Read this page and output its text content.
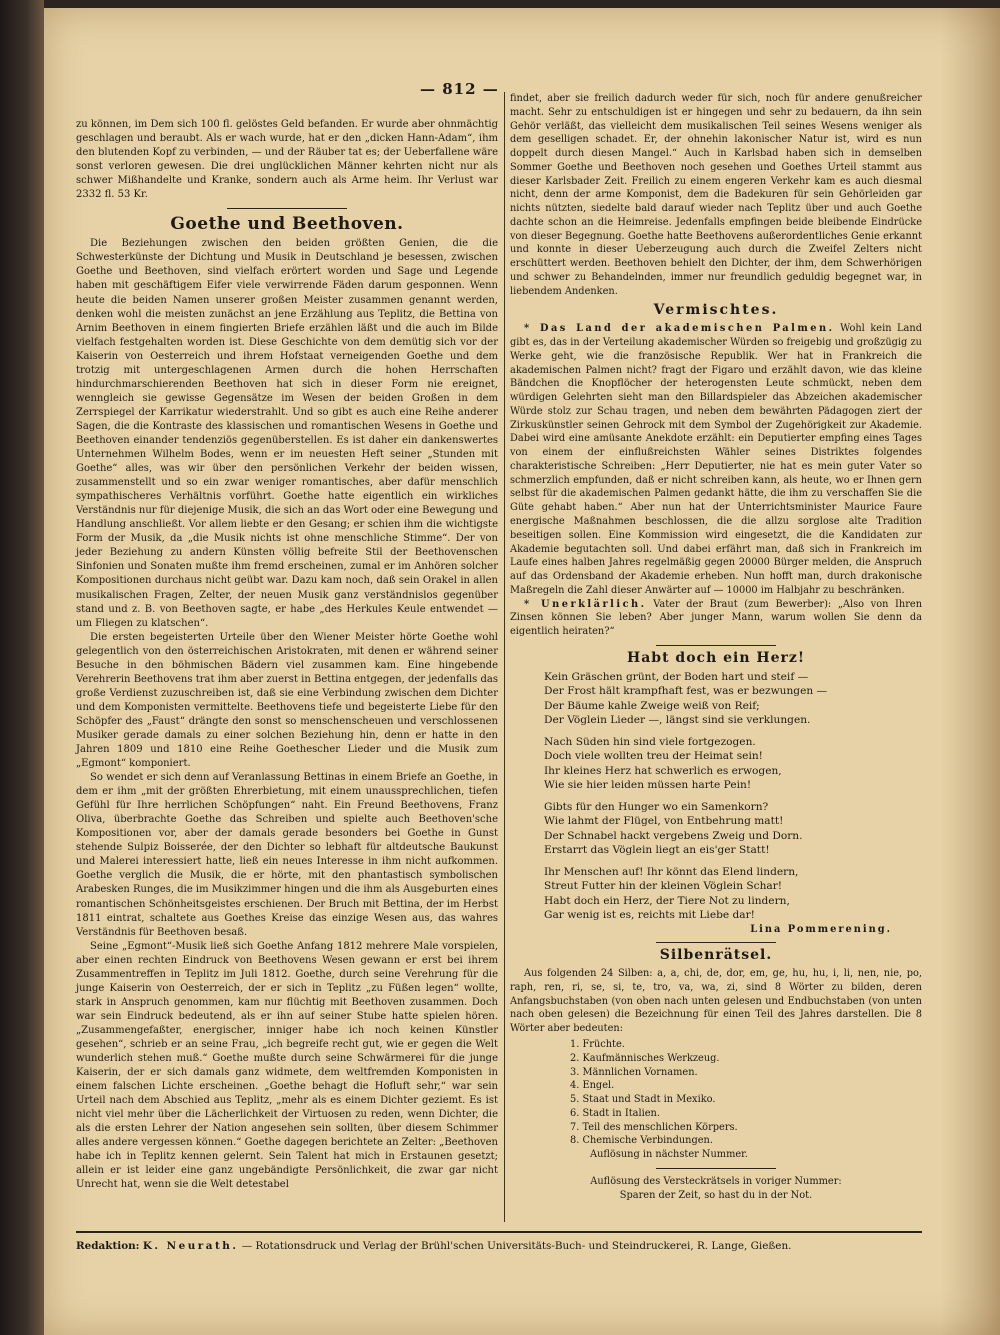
— 812 —

zu können, im Dem sich 100 fl. gelöstes Geld befanden. Er wurde aber ohnmächtig geschlagen und beraubt. Als er wach wurde, hat er den „dicken Hann-Adam“, ihm den blutenden Kopf zu verbinden, — und der Räuber tat es; der Ueberfallene wäre sonst verloren gewesen. Die drei unglücklichen Männer kehrten nicht nur als schwer Mißhandelte und Kranke, sondern auch als Arme heim. Ihr Verlust war 2332 fl. 53 Kr.

Goethe und Beethoven.

Die Beziehungen zwischen den beiden größten Genien, die die Schwesterkünste der Dichtung und Musik in Deutschland je besessen, zwischen Goethe und Beethoven, sind vielfach erörtert worden und Sage und Legende haben mit geschäftigem Eifer viele verwirrende Fäden darum gesponnen. Wenn heute die beiden Namen unserer großen Meister zusammen genannt werden, denken wohl die meisten zunächst an jene Erzählung aus Teplitz, die Bettina von Arnim Beethoven in einem fingierten Briefe erzählen läßt und die auch im Bilde vielfach festgehalten worden ist. Diese Geschichte von dem demütig sich vor der Kaiserin von Oesterreich und ihrem Hofstaat verneigenden Goethe und dem trotzig mit untergeschlagenen Armen durch die hohen Herrschaften hindurchmarschierenden Beethoven hat sich in dieser Form nie ereignet, wenngleich sie gewisse Gegensätze im Wesen der beiden Großen in dem Zerrspiegel der Karrikatur wiederstrahlt. Und so gibt es auch eine Reihe anderer Sagen, die die Kontraste des klassischen und romantischen Wesens in Goethe und Beethoven einander tendenziös gegenüberstellen. Es ist daher ein dankenswertes Unternehmen Wilhelm Bodes, wenn er im neuesten Heft seiner „Stunden mit Goethe“ alles, was wir über den persönlichen Verkehr der beiden wissen, zusammenstellt und so ein zwar weniger romantisches, aber dafür menschlich sympathischeres Verhältnis vorführt. Goethe hatte eigentlich ein wirkliches Verständnis nur für diejenige Musik, die sich an das Wort oder eine Bewegung und Handlung anschließt. Vor allem liebte er den Gesang; er schien ihm die wichtigste Form der Musik, da „die Musik nichts ist ohne menschliche Stimme“. Der von jeder Beziehung zu andern Künsten völlig befreite Stil der Beethovenschen Sinfonien und Sonaten mußte ihm fremd erscheinen, zumal er im Anhören solcher Kompositionen durchaus nicht geübt war. Dazu kam noch, daß sein Orakel in allen musikalischen Fragen, Zelter, der neuen Musik ganz verständnislos gegenüber stand und z. B. von Beethoven sagte, er habe „des Herkules Keule entwendet — um Fliegen zu klatschen“.

Die ersten begeisterten Urteile über den Wiener Meister hörte Goethe wohl gelegentlich von den österreichischen Aristokraten, mit denen er während seiner Besuche in den böhmischen Bädern viel zusammen kam. Eine hingebende Verehrerin Beethovens trat ihm aber zuerst in Bettina entgegen, der jedenfalls das große Verdienst zuzuschreiben ist, daß sie eine Verbindung zwischen dem Dichter und dem Komponisten vermittelte. Beethovens tiefe und begeisterte Liebe für den Schöpfer des „Faust“ drängte den sonst so menschenscheuen und verschlossenen Musiker gerade damals zu einer solchen Beziehung hin, denn er hatte in den Jahren 1809 und 1810 eine Reihe Goethescher Lieder und die Musik zum „Egmont“ komponiert.

So wendet er sich denn auf Veranlassung Bettinas in einem Briefe an Goethe, in dem er ihm „mit der größten Ehrerbietung, mit einem unaussprechlichen, tiefen Gefühl für Ihre herrlichen Schöpfungen“ naht. Ein Freund Beethovens, Franz Oliva, überbrachte Goethe das Schreiben und spielte auch Beethoven'sche Kompositionen vor, aber der damals gerade besonders bei Goethe in Gunst stehende Sulpiz Boisserée, der den Dichter so lebhaft für altdeutsche Baukunst und Malerei interessiert hatte, ließ ein neues Interesse in ihm nicht aufkommen. Goethe verglich die Musik, die er hörte, mit den phantastisch symbolischen Arabesken Runges, die im Musikzimmer hingen und die ihm als Ausgeburten eines romantischen Schönheitsgeistes erschienen. Der Bruch mit Bettina, der im Herbst 1811 eintrat, schaltete aus Goethes Kreise das einzige Wesen aus, das wahres Verständnis für Beethoven besaß.

Seine „Egmont“-Musik ließ sich Goethe Anfang 1812 mehrere Male vorspielen, aber einen rechten Eindruck von Beethovens Wesen gewann er erst bei ihrem Zusammentreffen in Teplitz im Juli 1812. Goethe, durch seine Verehrung für die junge Kaiserin von Oesterreich, der er sich in Teplitz „zu Füßen legen“ wollte, stark in Anspruch genommen, kam nur flüchtig mit Beethoven zusammen. Doch war sein Eindruck bedeutend, als er ihn auf seiner Stube hatte spielen hören. „Zusammengefaßter, energischer, inniger habe ich noch keinen Künstler gesehen“, schrieb er an seine Frau, „ich begreife recht gut, wie er gegen die Welt wunderlich stehen muß.“ Goethe mußte durch seine Schwärmerei für die junge Kaiserin, der er sich damals ganz widmete, dem weltfremden Komponisten in einem falschen Lichte erscheinen. „Goethe behagt die Hofluft sehr,“ war sein Urteil nach dem Abschied aus Teplitz, „mehr als es einem Dichter geziemt. Es ist nicht viel mehr über die Lächerlichkeit der Virtuosen zu reden, wenn Dichter, die als die ersten Lehrer der Nation angesehen sein sollten, über diesem Schimmer alles andere vergessen können.“ Goethe dagegen berichtete an Zelter: „Beethoven habe ich in Teplitz kennen gelernt. Sein Talent hat mich in Erstaunen gesetzt; allein er ist leider eine ganz ungebändigte Persönlichkeit, die zwar gar nicht Unrecht hat, wenn sie die Welt detestabel

findet, aber sie freilich dadurch weder für sich, noch für andere genußreicher macht. Sehr zu entschuldigen ist er hingegen und sehr zu bedauern, da ihn sein Gehör verläßt, das vielleicht dem musikalischen Teil seines Wesens weniger als dem geselligen schadet. Er, der ohnehin lakonischer Natur ist, wird es nun doppelt durch diesen Mangel.“ Auch in Karlsbad haben sich in demselben Sommer Goethe und Beethoven noch gesehen und Goethes Urteil stammt aus dieser Karlsbader Zeit. Freilich zu einem engeren Verkehr kam es auch diesmal nicht, denn der arme Komponist, dem die Badekuren für sein Gehörleiden gar nichts nützten, siedelte bald darauf wieder nach Teplitz über und auch Goethe dachte schon an die Heimreise. Jedenfalls empfingen beide bleibende Eindrücke von dieser Begegnung. Goethe hatte Beethovens außerordentliches Genie erkannt und konnte in dieser Ueberzeugung auch durch die Zweifel Zelters nicht erschüttert werden. Beethoven behielt den Dichter, der ihm, dem Schwerhörigen und schwer zu Behandelnden, immer nur freundlich geduldig begegnet war, in liebendem Andenken.

Vermischtes.

* Das Land der akademischen Palmen. Wohl kein Land gibt es, das in der Verteilung akademischer Würden so freigebig und großzügig zu Werke geht, wie die französische Republik. Wer hat in Frankreich die akademischen Palmen nicht? fragt der Figaro und erzählt davon, wie das kleine Bändchen die Knopflöcher der heterogensten Leute schmückt, neben dem würdigen Gelehrten sieht man den Billardspieler das Abzeichen akademischer Würde stolz zur Schau tragen, und neben dem bewährten Pädagogen ziert der Zirkuskünstler seinen Gehrock mit dem Symbol der Zugehörigkeit zur Akademie. Dabei wird eine amüsante Anekdote erzählt: ein Deputierter empfing eines Tages von einem der einflußreichsten Wähler seines Distriktes folgendes charakteristische Schreiben: „Herr Deputierter, nie hat es mein guter Vater so schmerzlich empfunden, daß er nicht schreiben kann, als heute, wo er Ihnen gern selbst für die akademischen Palmen gedankt hätte, die ihm zu verschaffen Sie die Güte gehabt haben.“ Aber nun hat der Unterrichtsminister Maurice Faure energische Maßnahmen beschlossen, die die allzu sorglose alte Tradition beseitigen sollen. Eine Kommission wird eingesetzt, die die Kandidaten zur Akademie begutachten soll. Und dabei erfährt man, daß sich in Frankreich im Laufe eines halben Jahres regelmäßig gegen 20000 Bürger melden, die Anspruch auf das Ordensband der Akademie erheben. Nun hofft man, durch drakonische Maßregeln die Zahl dieser Anwärter auf — 10000 im Halbjahr zu beschränken.

* Unerklärlich. Vater der Braut (zum Bewerber): „Also von Ihren Zinsen können Sie leben? Aber junger Mann, warum wollen Sie denn da eigentlich heiraten?“

Habt doch ein Herz!
Kein Gräschen grünt, der Boden hart und steif —
Der Frost hält krampfhaft fest, was er bezwungen —
Der Bäume kahle Zweige weiß von Reif;
Der Vöglein Lieder —, längst sind sie verklungen.
Nach Süden hin sind viele fortgezogen.
Doch viele wollten treu der Heimat sein!
Ihr kleines Herz hat schwerlich es erwogen,
Wie sie hier leiden müssen harte Pein!
Gibts für den Hunger wo ein Samenkorn?
Wie lahmt der Flügel, von Entbehrung matt!
Der Schnabel hackt vergebens Zweig und Dorn.
Erstarrt das Vöglein liegt an eis'ger Statt!
Ihr Menschen auf! Ihr könnt das Elend lindern,
Streut Futter hin der kleinen Vöglein Schar!
Habt doch ein Herz, der Tiere Not zu lindern,
Gar wenig ist es, reichts mit Liebe dar!
Lina Pommerening.
Silbenrätsel.

Aus folgenden 24 Silben: a, a, chi, de, dor, em, ge, hu, hu, i, li, nen, nie, po, raph, ren, ri, se, si, te, tro, va, wa, zi, sind 8 Wörter zu bilden, deren Anfangsbuchstaben (von oben nach unten gelesen und Endbuchstaben (von unten nach oben gelesen) die Bezeichnung für einen Teil des Jahres darstellen. Die 8 Wörter aber bedeuten:

1. Früchte.
2. Kaufmännisches Werkzeug.
3. Männlichen Vornamen.
4. Engel.
5. Staat und Stadt in Mexiko.
6. Stadt in Italien.
7. Teil des menschlichen Körpers.
8. Chemische Verbindungen.
Auflösung in nächster Nummer.

Auflösung des Versteckrätsels in voriger Nummer:

Sparen der Zeit, so hast du in der Not.

Redaktion: K. Neurath. — Rotationsdruck und Verlag der Brühl'schen Universitäts-Buch- und Steindruckerei, R. Lange, Gießen.
